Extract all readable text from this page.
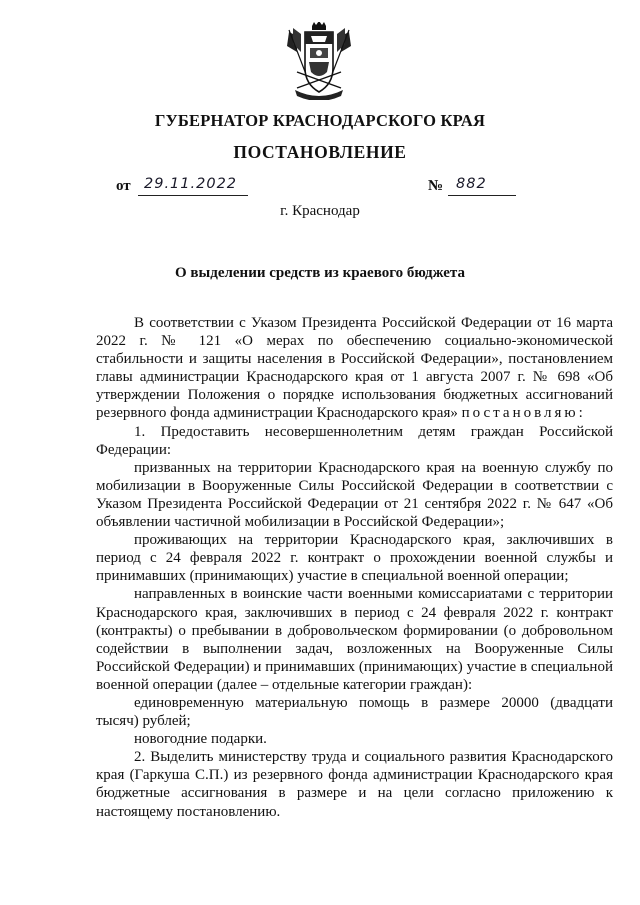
ГУБЕРНАТОР КРАСНОДАРСКОГО КРАЯ
ПОСТАНОВЛЕНИЕ
от 29.11.2022	№ 882
г. Краснодар
О выделении средств из краевого бюджета

В соответствии с Указом Президента Российской Федерации от 16 марта 2022 г. № 121 «О мерах по обеспечению социально-экономической стабильности и защиты населения в Российской Федерации», постановлением главы администрации Краснодарского края от 1 августа 2007 г. № 698 «Об утверждении Положения о порядке использования бюджетных ассигнований резервного фонда администрации Краснодарского края» постановляю:

1. Предоставить несовершеннолетним детям граждан Российской Федерации:

призванных на территории Краснодарского края на военную службу по мобилизации в Вооруженные Силы Российской Федерации в соответствии с Указом Президента Российской Федерации от 21 сентября 2022 г. № 647 «Об объявлении частичной мобилизации в Российской Федерации»;

проживающих на территории Краснодарского края, заключивших в период с 24 февраля 2022 г. контракт о прохождении военной службы и принимавших (принимающих) участие в специальной военной операции;

направленных в воинские части военными комиссариатами с территории Краснодарского края, заключивших в период с 24 февраля 2022 г. контракт (контракты) о пребывании в добровольческом формировании (о добровольном содействии в выполнении задач, возложенных на Вооруженные Силы Российской Федерации) и принимавших (принимающих) участие в специальной военной операции (далее – отдельные категории граждан):

единовременную материальную помощь в размере 20000 (двадцати тысяч) рублей;

новогодние подарки.

2. Выделить министерству труда и социального развития Краснодарского края (Гаркуша С.П.) из резервного фонда администрации Краснодарского края бюджетные ассигнования в размере и на цели согласно приложению к настоящему постановлению.
